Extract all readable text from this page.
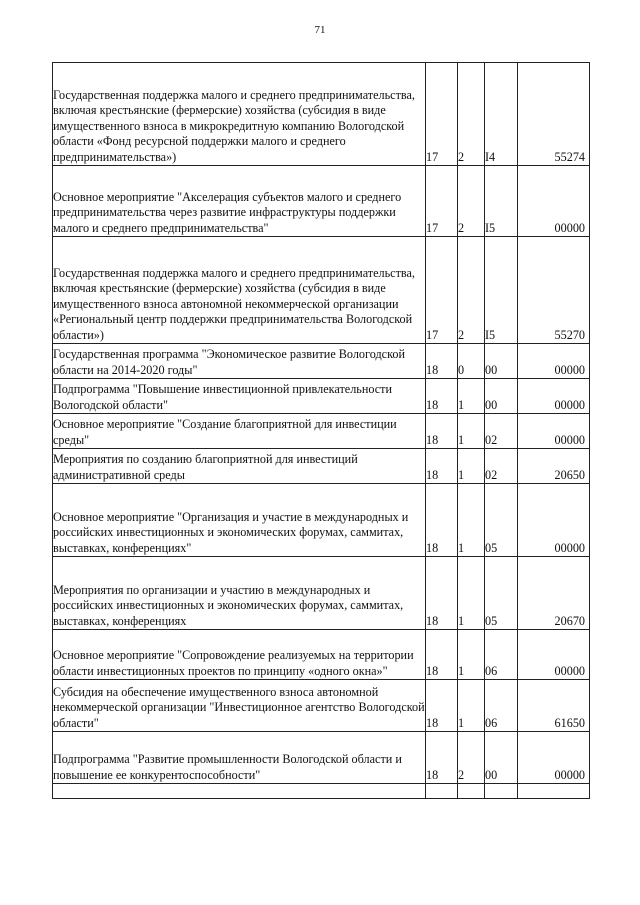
71
Государственная поддержка малого и среднего предпринимательства, включая крестьянские (фермерские) хозяйства (субсидия в виде имущественного взноса в микрокредитную компанию Вологодской области «Фонд ресурсной поддержки малого и среднего предпринимательства»)	17	2	I4	55274
Основное мероприятие "Акселерация субъектов малого и среднего предпринимательства через развитие инфраструктуры поддержки малого и среднего предпринимательства"	17	2	I5	00000
Государственная поддержка малого и среднего предпринимательства, включая крестьянские (фермерские) хозяйства (субсидия в виде имущественного взноса автономной некоммерческой организации «Региональный центр поддержки предпринимательства Вологодской области»)	17	2	I5	55270
Государственная программа "Экономическое развитие Вологодской области на 2014-2020 годы"	18	0	00	00000
Подпрограмма "Повышение инвестиционной привлекательности Вологодской области"	18	1	00	00000
Основное мероприятие "Создание благоприятной для инвестиции среды"	18	1	02	00000
Мероприятия по созданию благоприятной для инвестиций административной среды	18	1	02	20650
Основное мероприятие "Организация и участие в международных и российских инвестиционных и экономических форумах, саммитах, выставках, конференциях"	18	1	05	00000
Мероприятия по организации и участию в международных и российских инвестиционных и экономических форумах, саммитах, выставках, конференциях	18	1	05	20670
Основное мероприятие "Сопровождение реализуемых на территории области инвестиционных проектов по принципу «одного окна»"	18	1	06	00000
Субсидия на обеспечение имущественного взноса автономной некоммерческой организации "Инвестиционное агентство Вологодской области"	18	1	06	61650
Подпрограмма "Развитие промышленности Вологодской области и повышение ее конкурентоспособности"	18	2	00	00000
